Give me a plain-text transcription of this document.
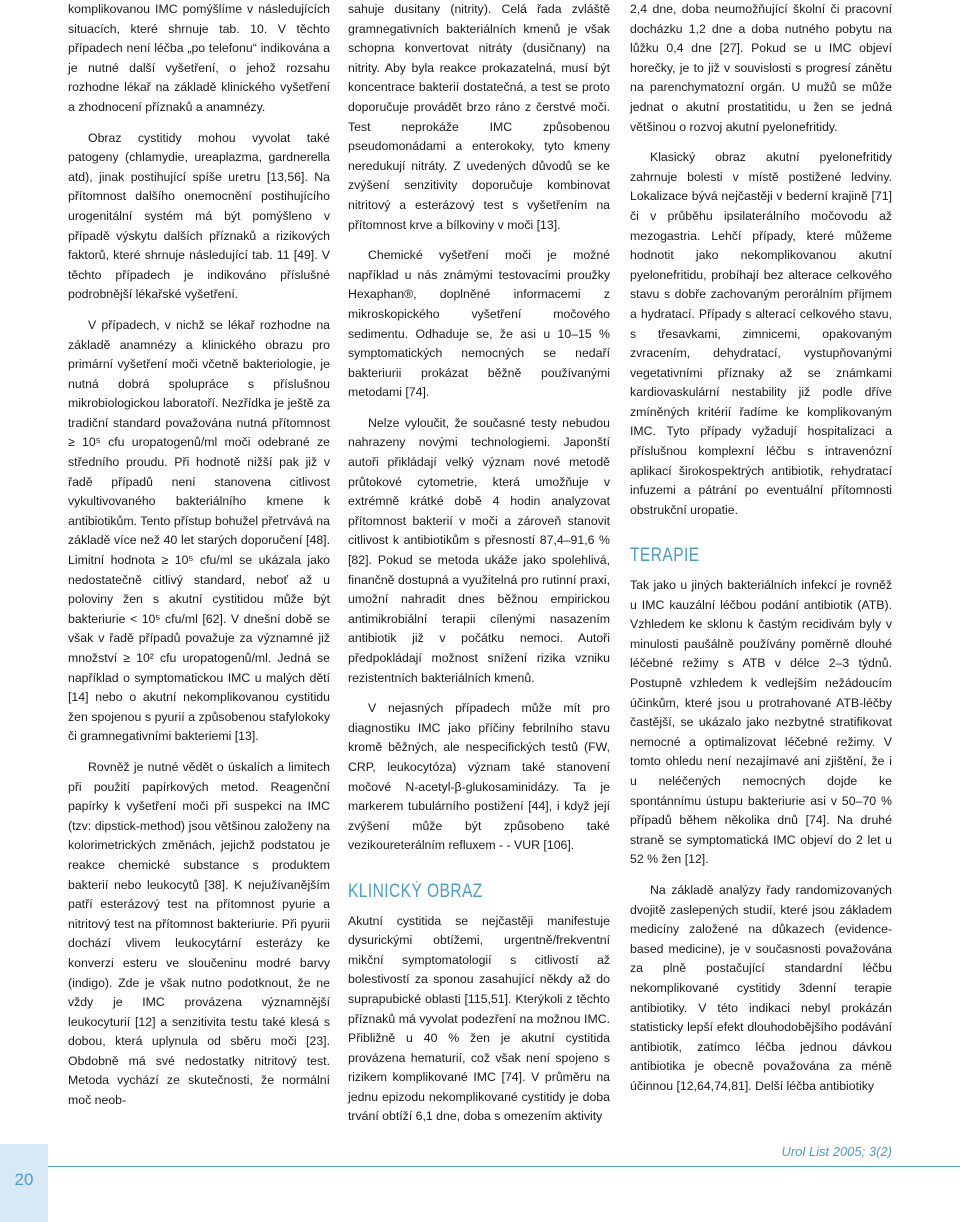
komplikovanou IMC pomýšlíme v následujících situacích, které shrnuje tab. 10. V těchto případech není léčba „po telefonu“ indikována a je nutné další vyšetření, o jehož rozsahu rozhodne lékař na základě klinického vyšetření a zhodnocení příznaků a anamnézy.

Obraz cystitidy mohou vyvolat také patogeny (chlamydie, ureaplazma, gardnerella atd), jinak postihující spíše uretru [13,56]. Na přítomnost dalšího onemocnění postihujícího urogenitální systém má být pomýšleno v případě výskytu dalších příznaků a rizikových faktorů, které shrnuje následující tab. 11 [49]. V těchto případech je indikováno příslušné podrobnější lékařské vyšetření.

V případech, v nichž se lékař rozhodne na základě anamnézy a klinického obrazu pro primární vyšetření moči včetně bakteriologie, je nutná dobrá spolupráce s příslušnou mikrobiologickou laboratoří. Nezřídka je ještě za tradiční standard považována nutná přítomnost ≥ 10⁵ cfu uropatogenů/ml moči odebrané ze středního proudu. Při hodnotě nižší pak již v řadě případů není stanovena citlivost vykultivovaného bakteriálního kmene k antibiotikům. Tento přístup bohužel přetrvává na základě více než 40 let starých doporučení [48]. Limitní hodnota ≥ 10⁵ cfu/ml se ukázala jako nedostatečně citlivý standard, neboť až u poloviny žen s akutní cystitidou může být bakteriurie < 10⁵ cfu/ml [62]. V dnešní době se však v řadě případů považuje za významné již množství ≥ 10² cfu uropatogenů/ml. Jedná se například o symptomatickou IMC u malých dětí [14] nebo o akutní nekomplikovanou cystitidu žen spojenou s pyurií a způsobenou stafylokoky či gramnegativními bakteriemi [13].

Rovněž je nutné vědět o úskalích a limitech při použití papírkových metod. Reagenční papírky k vyšetření moči při suspekci na IMC (tzv: dipstick-method) jsou většinou založeny na kolorimetrických změnách, jejichž podstatou je reakce chemické substance s produktem bakterií nebo leukocytů [38]. K nejužívanějším patří esterázový test na přítomnost pyurie a nitritový test na přítomnost bakteriurie. Při pyurii dochází vlivem leukocytární esterázy ke konverzi esteru ve sloučeninu modré barvy (indigo). Zde je však nutno podotknout, že ne vždy je IMC provázena významnější leukocyturií [12] a senzitivita testu také klesá s dobou, která uplynula od sběru moči [23]. Obdobně má své nedostatky nitritový test. Metoda vychází ze skutečnosti, že normální moč neob-

sahuje dusitany (nitrity). Celá řada zvláště gramnegativních bakteriálních kmenů je však schopna konvertovat nitráty (dusičnany) na nitrity. Aby byla reakce prokazatelná, musí být koncentrace bakterií dostatečná, a test se proto doporučuje provádět brzo ráno z čerstvé moči. Test neprokáže IMC způsobenou pseudomonádami a enterokoky, tyto kmeny neredukují nitráty. Z uvedených důvodů se ke zvýšení senzitivity doporučuje kombinovat nitritový a esterázový test s vyšetřením na přítomnost krve a bílkoviny v moči [13].

Chemické vyšetření moči je možné například u nás známými testovacími proužky Hexaphan®, doplněné informacemi z mikroskopického vyšetření močového sedimentu. Odhaduje se, že asi u 10–15 % symptomatických nemocných se nedaří bakteriurii prokázat běžně používanými metodami [74].

Nelze vyloučit, že současné testy nebudou nahrazeny novými technologiemi. Japonští autoři přikládají velký význam nové metodě průtokové cytometrie, která umožňuje v extrémně krátké době 4 hodin analyzovat přítomnost bakterií v moči a zároveň stanovit citlivost k antibiotikům s přesností 87,4–91,6 % [82]. Pokud se metoda ukáže jako spolehlivá, finančně dostupná a využitelná pro rutinní praxi, umožní nahradit dnes běžnou empirickou antimikrobiální terapii cílenými nasazením antibiotik již v počátku nemoci. Autoři předpokládají možnost snížení rizika vzniku rezistentních bakteriálních kmenů.

V nejasných případech může mít pro diagnostiku IMC jako příčiny febrilního stavu kromě běžných, ale nespecifických testů (FW, CRP, leukocytóza) význam také stanovení močové N-acetyl-β-glukosaminidázy. Ta je markerem tubulárního postižení [44], i když její zvýšení může být způsobeno také vezikoureterálním refluxem - - VUR [106].

KLINICKÝ OBRAZ

Akutní cystitida se nejčastěji manifestuje dysurickými obtížemi, urgentně/frekventní mikční symptomatologií s citlivostí až bolestivostí za sponou zasahující někdy až do suprapubické oblasti [115,51]. Kterýkoli z těchto příznaků má vyvolat podezření na možnou IMC. Přibližně u 40 % žen je akutní cystitida provázena hematurií, což však není spojeno s rizikem komplikované IMC [74]. V průměru na jednu epizodu nekomplikované cystitidy je doba trvání obtíží 6,1 dne, doba s omezením aktivity

2,4 dne, doba neumožňující školní či pracovní docházku 1,2 dne a doba nutného pobytu na lůžku 0,4 dne [27]. Pokud se u IMC objeví horečky, je to již v souvislosti s progresí zánětu na parenchymatozní orgán. U mužů se může jednat o akutní prostatitidu, u žen se jedná většinou o rozvoj akutní pyelonefritidy.

Klasický obraz akutní pyelonefritidy zahrnuje bolesti v místě postižené ledviny. Lokalizace bývá nejčastěji v bederní krajině [71] či v průběhu ipsilaterálního močovodu až mezogastria. Lehčí případy, které můžeme hodnotit jako nekomplikovanou akutní pyelonefritidu, probíhají bez alterace celkového stavu s dobře zachovaným perorálním příjmem a hydratací. Případy s alterací celkového stavu, s třesavkami, zimnicemi, opakovaným zvracením, dehydratací, vystupňovanými vegetativními příznaky až se známkami kardiovaskulární nestability již podle dříve zmíněných kritérií řadíme ke komplikovaným IMC. Tyto případy vyžadují hospitalizaci a příslušnou komplexní léčbu s intravenózní aplikací širokospektrých antibiotik, rehydratací infuzemi a pátrání po eventuální přítomnosti obstrukční uropatie.

TERAPIE

Tak jako u jiných bakteriálních infekcí je rovněž u IMC kauzální léčbou podání antibiotik (ATB). Vzhledem ke sklonu k častým recidivám byly v minulosti paušálně používány poměrně dlouhé léčebné režimy s ATB v délce 2–3 týdnů. Postupně vzhledem k vedlejším nežádoucím účinkům, které jsou u protrahované ATB-léčby častější, se ukázalo jako nezbytné stratifikovat nemocné a optimalizovat léčebné režimy. V tomto ohledu není nezajímavé ani zjištění, že i u neléčených nemocných dojde ke spontánnímu ústupu bakteriurie asi v 50–70 % případů během několika dnů [74]. Na druhé straně se symptomatická IMC objeví do 2 let u 52 % žen [12].

Na základě analýzy řady randomizovaných dvojitě zaslepených studií, které jsou základem medicíny založené na důkazech (evidence-based medicine), je v současnosti považována za plně postačující standardní léčbu nekomplikované cystitidy 3denní terapie antibiotiky. V této indikaci nebyl prokázán statisticky lepší efekt dlouhodobějšího podávání antibiotik, zatímco léčba jednou dávkou antibiotika je obecně považována za méně účinnou [12,64,74,81]. Delší léčba antibiotiky

20
Urol List 2005; 3(2)
